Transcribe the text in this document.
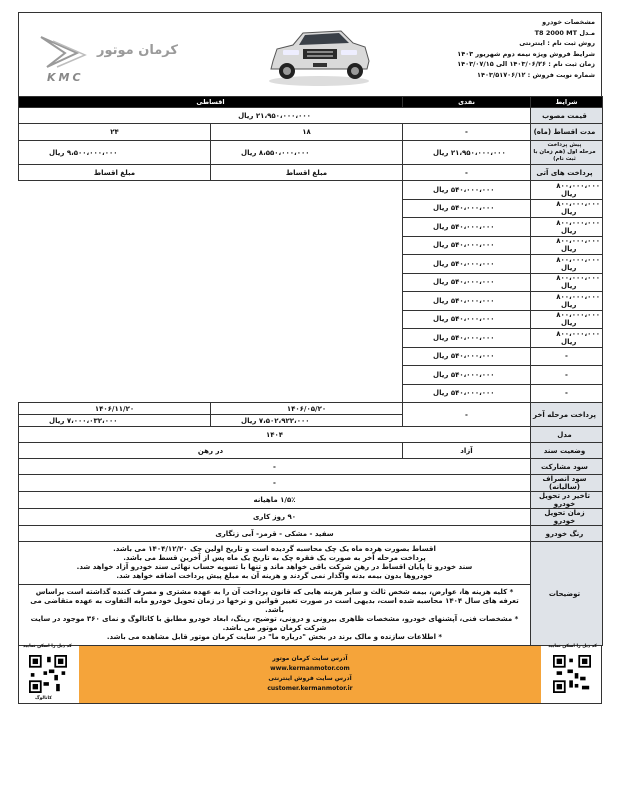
مشخصات خودرو
مـدل T8 2000 MT
روش ثبت نام : اینترنتی
شرایط فروش ویژه نیمه دوم شهریور ۱۴۰۳
زمان ثبت نام : ۱۴۰۳/۰۶/۲۶ الی ۱۴۰۳/۰۷/۱۵
شماره نوبت فروش : ۱۴۰۳/۵۱۷۰۶/۱۲
KMC
کرمان موتور
شرایط	نقدی	اقساطی	
قیمت مصوب	۲۱،۹۵۰،۰۰۰،۰۰۰ ریال		
مدت اقساط (ماه)	-	۱۸	۲۴
پیش پرداخت
مرحله اول (هم زمان با ثبت نام)	۲۱،۹۵۰،۰۰۰،۰۰۰ ریال	۸،۵۵۰،۰۰۰،۰۰۰ ریال	۹،۵۰۰،۰۰۰،۰۰۰ ریال
پرداخت های آتی	-	مبلغ اقساط	مبلغ اقساط
۸۰۰،۰۰۰،۰۰۰ ریال	۵۴۰،۰۰۰،۰۰۰ ریال		
۸۰۰،۰۰۰،۰۰۰ ریال	۵۴۰،۰۰۰،۰۰۰ ریال		
۸۰۰،۰۰۰،۰۰۰ ریال	۵۴۰،۰۰۰،۰۰۰ ریال		
۸۰۰،۰۰۰،۰۰۰ ریال	۵۴۰،۰۰۰،۰۰۰ ریال		
۸۰۰،۰۰۰،۰۰۰ ریال	۵۴۰،۰۰۰،۰۰۰ ریال		
۸۰۰،۰۰۰،۰۰۰ ریال	۵۴۰،۰۰۰،۰۰۰ ریال		
۸۰۰،۰۰۰،۰۰۰ ریال	۵۴۰،۰۰۰،۰۰۰ ریال		
۸۰۰،۰۰۰،۰۰۰ ریال	۵۴۰،۰۰۰،۰۰۰ ریال		
۸۰۰،۰۰۰،۰۰۰ ریال	۵۴۰،۰۰۰،۰۰۰ ریال		
-	۵۴۰،۰۰۰،۰۰۰ ریال		
-	۵۴۰،۰۰۰،۰۰۰ ریال		
-	۵۴۰،۰۰۰،۰۰۰ ریال		
پرداخت مرحله آخر	-	۱۴۰۶/۰۵/۲۰	۱۴۰۶/۱۱/۲۰
		۷،۵۰۲،۹۲۲،۰۰۰ ریال	۷،۰۰۰،۰۳۲،۰۰۰ ریال
مدل	۱۴۰۴		
وضعیت سند	آزاد	در رهن	
سود مشارکت	-		
سود انصراف (سالیانه)	-		
تاخیر در تحویل خودرو	۱/۵٪ ماهیانه		
زمان تحویل خودرو	۹۰ روز کاری		
رنگ خودرو	سفید - مشکی - قرمز- آبی زنگاری		
توضیحات	اقساط بصورت هرده ماه یک چک محاسبه گردیده است و تاریخ اولین چک ۱۴۰۴/۱۲/۲۰ می باشد.
پرداخت مرحله آخر به صورت یک فقره چک به تاریخ یک ماه پس از آخرین قسط می باشد.
سند خودرو تا پایان اقساط در رهن شرکت باقی خواهد ماند و تنها با تسویه حساب نهائی سند خودرو آزاد خواهد شد.
خودروها بدون بیمه بدنه واگذار نمی گردند و هزینه آن به مبلغ پیش پرداخت اضافه خواهد شد.		

	* کلیه هزینه ها، عوارض، بیمه شخص ثالث و سایر هزینه هایی که قانون پرداخت آن را به عهده مشتری و مصرف کننده گذاشته است براساس تعرفه های سال ۱۴۰۴ محاسبه شده است، بدیهی است در صورت تغییر قوانین و نرخها در زمان تحویل خودرو مابه التفاوت به عهده متقاضی می باشد.
* مشخصات فنی، آپشنهای خودرو، مشخصات ظاهری بیرونی و درونی، توضیح، رینگ، ابعاد خودرو مطابق با کاتالوگ و نمای ۳۶۰ موجود در سایت شرکت کرمان موتور می باشد.
* اطلاعات سازنده و مالک برند در بخش "درباره ما" در سایت کرمان موتور قابل مشاهده می باشد.		
آدرس سایت کرمان موتور
www.kermanmotor.com
آدرس سایت فروش اینترنتی
customer.kermanmotor.ir
کد ذیل را اسکن نمایید
کد ذیل را اسکن نمایید
کاتالوگ
